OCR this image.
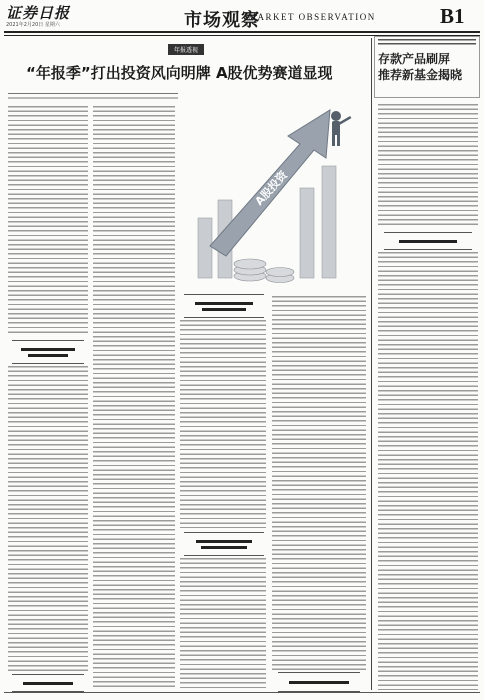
证券日报
2021年2月20日 星期六	市场观察
MARKET OBSERVATION	B1
年报透视
“年报季”打出投资风向明牌 A股优势赛道显现
A股投资
存款产品刷屏
推荐新基金揭晓
